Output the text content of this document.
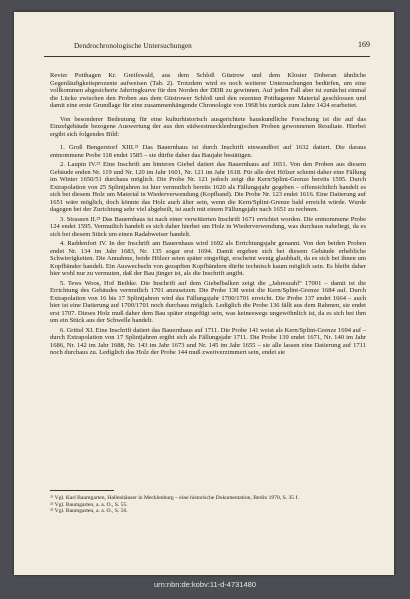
Dendrochronologische Untersuchungen	169

Revier Potthagen Kr. Greifswald, aus dem Schloß Güstrow und dem Kloster Doberan ähnliche Gegenläufigkeitsprozente aufweisen (Tab. 2). Trotzdem wird es noch weiterer Untersuchungen bedürfen, um eine vollkommen abgesicherte Jahrringkurve für den Norden der DDR zu gewinnen. Auf jeden Fall aber ist zunächst einmal die Lücke zwischen den Proben aus dem Güstrower Schloß und den rezenten Potthagener Material geschlossen und damit eine erste Grundlage für eine zusammenhängende Chronologie von 1968 bis zurück zum Jahre 1424 erarbeitet.

Von besonderer Bedeutung für eine kulturhistorisch ausgerichtete hauskundliche Forschung ist die auf das Einzelgebäude bezogene Auswertung der aus den südwestmecklenburgischen Proben gewonnenen Resultate. Hierbei ergibt sich folgendes Bild:

1. Groß Bengerstorf XIII.²¹ Das Bauernhaus ist durch Inschrift einwandfrei auf 1632 datiert. Die daraus entnommene Probe 118 endet 1585 – sie dürfte daher das Baujahr bestätigen.
2. Laupin IV.²² Eine Inschrift am hinteren Giebel datiert das Bauernhaus auf 1651. Von den Proben aus diesem Gebäude enden Nr. 119 und Nr. 120 im Jahr 1601, Nr. 121 im Jahr 1618. Für alle drei Hölzer scheint daher eine Fällung im Winter 1650/51 durchaus möglich. Die Probe Nr. 121 jedoch zeigt die Kern/Splint-Grenze bereits 1595. Durch Extrapolation von 25 Splintjahren ist hier vermutlich bereits 1620 als Fällungsjahr gegeben – offensichtlich handelt es sich bei diesem Holz um Material in Wiederverwendung (Kopfband). Die Probe Nr. 123 endet 1616. Eine Datierung auf 1651 wäre möglich, doch könnte das Holz auch älter sein, wenn die Kern/Splint-Grenze bald erreicht würde. Wurde dagegen bei der Zurichtung sehr viel abgebeilt, ist auch mit einem Fällungsjahr nach 1651 zu rechnen.
3. Strassen II.²³ Das Bauernhaus ist nach einer verwitterten Inschrift 1671 errichtet worden. Die entnommene Probe 124 endet 1595. Vermutlich handelt es sich daher hierbei um Holz in Wiederverwendung, was durchaus naheliegt, da es sich bei diesem Stück um einen Radabweiser handelt.
4. Raddenfort IV. In der Inschrift am Bauernhaus wird 1692 als Errichtungsjahr genannt. Von den beiden Proben endet Nr. 134 im Jahr 1683, Nr. 135 sogar erst 1694. Damit ergeben sich bei diesem Gebäude erhebliche Schwierigkeiten. Die Annahme, beide Hölzer seien später eingefügt, erscheint wenig glaubhaft, da es sich bei ihnen um Kopfbänder handelt. Ein Auswechseln von gezapften Kopfbändern dürfte technisch kaum möglich sein. Es bleibt daher hier wohl nur zu vermuten, daß der Bau jünger ist, als die Inschrift angibt.
5. Tews Woos, Hof Bethke. Die Inschrift auf dem Giebelbalken zeigt die „Jahreszahl“ 17001 – damit ist die Errichtung des Gebäudes vermutlich 1701 anzusetzen. Die Probe 138 weist die Kern/Splint-Grenze 1684 auf. Durch Extrapolation von 16 bis 17 Splintjahren wird das Fällungsjahr 1700/1701 erreicht. Die Probe 137 endet 1664 – auch hier ist eine Datierung auf 1700/1701 noch durchaus möglich. Lediglich die Probe 136 fällt aus dem Rahmen, sie endet erst 1707. Dieses Holz muß daher dem Bau später eingefügt sein, was keineswegs ungewöhnlich ist, da es sich bei ihm um ein Stück aus der Schwelle handelt.
6. Grittel XI. Eine Inschrift datiert das Bauernhaus auf 1711. Die Probe 141 weist als Kern/Splint-Grenze 1694 auf – durch Extrapolation von 17 Splintjahren ergibt sich als Fällungsjahr 1711. Die Probe 139 endet 1671, Nr. 140 im Jahr 1686, Nr. 142 im Jahr 1688, Nr. 143 im Jahr 1673 und Nr. 145 im Jahr 1655 – sie alle lassen eine Datierung auf 1711 noch durchaus zu. Lediglich das Holz der Probe 144 muß zweitverzimmert sein, endet sie

²¹ Vgl. Karl Baumgarten, Hallenhäuser in Mecklenburg – eine historische Dokumentation, Berlin 1970, S. 35 f.

²² Vgl. Baumgarten, a. a. O., S. 55.

²³ Vgl. Baumgarten, a. a. O., S. 56.

urn:nbn:de:kobv:11-d-4731480
